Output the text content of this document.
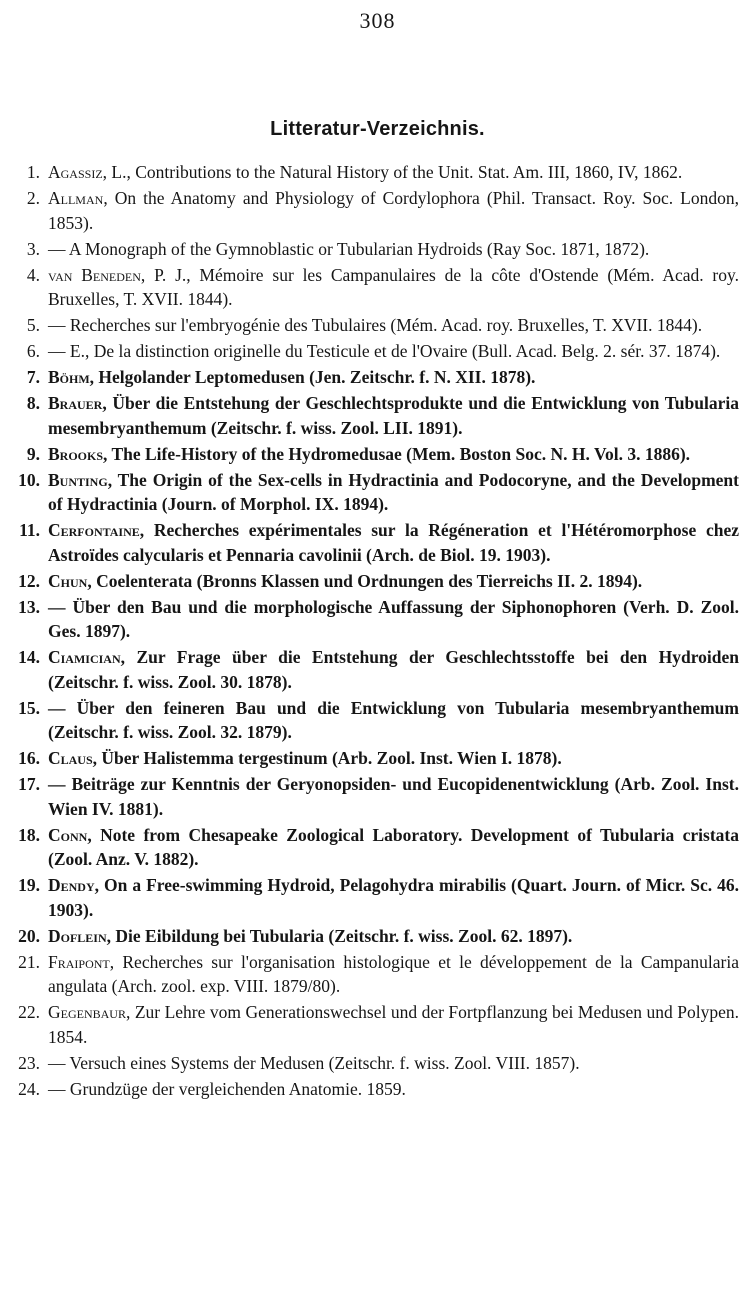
308
Litteratur-Verzeichnis.
1. Agassiz, L., Contributions to the Natural History of the Unit. Stat. Am. III, 1860, IV, 1862.
2. Allman, On the Anatomy and Physiology of Cordylophora (Phil. Transact. Roy. Soc. London, 1853).
3. — A Monograph of the Gymnoblastic or Tubularian Hydroids (Ray Soc. 1871, 1872).
4. van Beneden, P. J., Mémoire sur les Campanulaires de la côte d'Ostende (Mém. Acad. roy. Bruxelles, T. XVII. 1844).
5. — Recherches sur l'embryogénie des Tubulaires (Mém. Acad. roy. Bruxelles, T. XVII. 1844).
6. — E., De la distinction originelle du Testicule et de l'Ovaire (Bull. Acad. Belg. 2. sér. 37. 1874).
7. Böhm, Helgolander Leptomedusen (Jen. Zeitschr. f. N. XII. 1878).
8. Brauer, Über die Entstehung der Geschlechtsprodukte und die Entwicklung von Tubularia mesembryanthemum (Zeitschr. f. wiss. Zool. LII. 1891).
9. Brooks, The Life-History of the Hydromedusae (Mem. Boston Soc. N. H. Vol. 3. 1886).
10. Bunting, The Origin of the Sex-cells in Hydractinia and Podocoryne, and the Development of Hydractinia (Journ. of Morphol. IX. 1894).
11. Cerfontaine, Recherches expérimentales sur la Régéneration et l'Hétéromorphose chez Astroïdes calycularis et Pennaria cavolinii (Arch. de Biol. 19. 1903).
12. Chun, Coelenterata (Bronns Klassen und Ordnungen des Tierreichs II. 2. 1894).
13. — Über den Bau und die morphologische Auffassung der Siphonophoren (Verh. D. Zool. Ges. 1897).
14. Ciamician, Zur Frage über die Entstehung der Geschlechtsstoffe bei den Hydroiden (Zeitschr. f. wiss. Zool. 30. 1878).
15. — Über den feineren Bau und die Entwicklung von Tubularia mesembryanthemum (Zeitschr. f. wiss. Zool. 32. 1879).
16. Claus, Über Halistemma tergestinum (Arb. Zool. Inst. Wien I. 1878).
17. — Beiträge zur Kenntnis der Geryonopsiden- und Eucopidenentwicklung (Arb. Zool. Inst. Wien IV. 1881).
18. Conn, Note from Chesapeake Zoological Laboratory. Development of Tubularia cristata (Zool. Anz. V. 1882).
19. Dendy, On a Free-swimming Hydroid, Pelagohydra mirabilis (Quart. Journ. of Micr. Sc. 46. 1903).
20. Doflein, Die Eibildung bei Tubularia (Zeitschr. f. wiss. Zool. 62. 1897).
21. Fraipont, Recherches sur l'organisation histologique et le développement de la Campanularia angulata (Arch. zool. exp. VIII. 1879/80).
22. Gegenbaur, Zur Lehre vom Generationswechsel und der Fortpflanzung bei Medusen und Polypen. 1854.
23. — Versuch eines Systems der Medusen (Zeitschr. f. wiss. Zool. VIII. 1857).
24. — Grundzüge der vergleichenden Anatomie. 1859.
